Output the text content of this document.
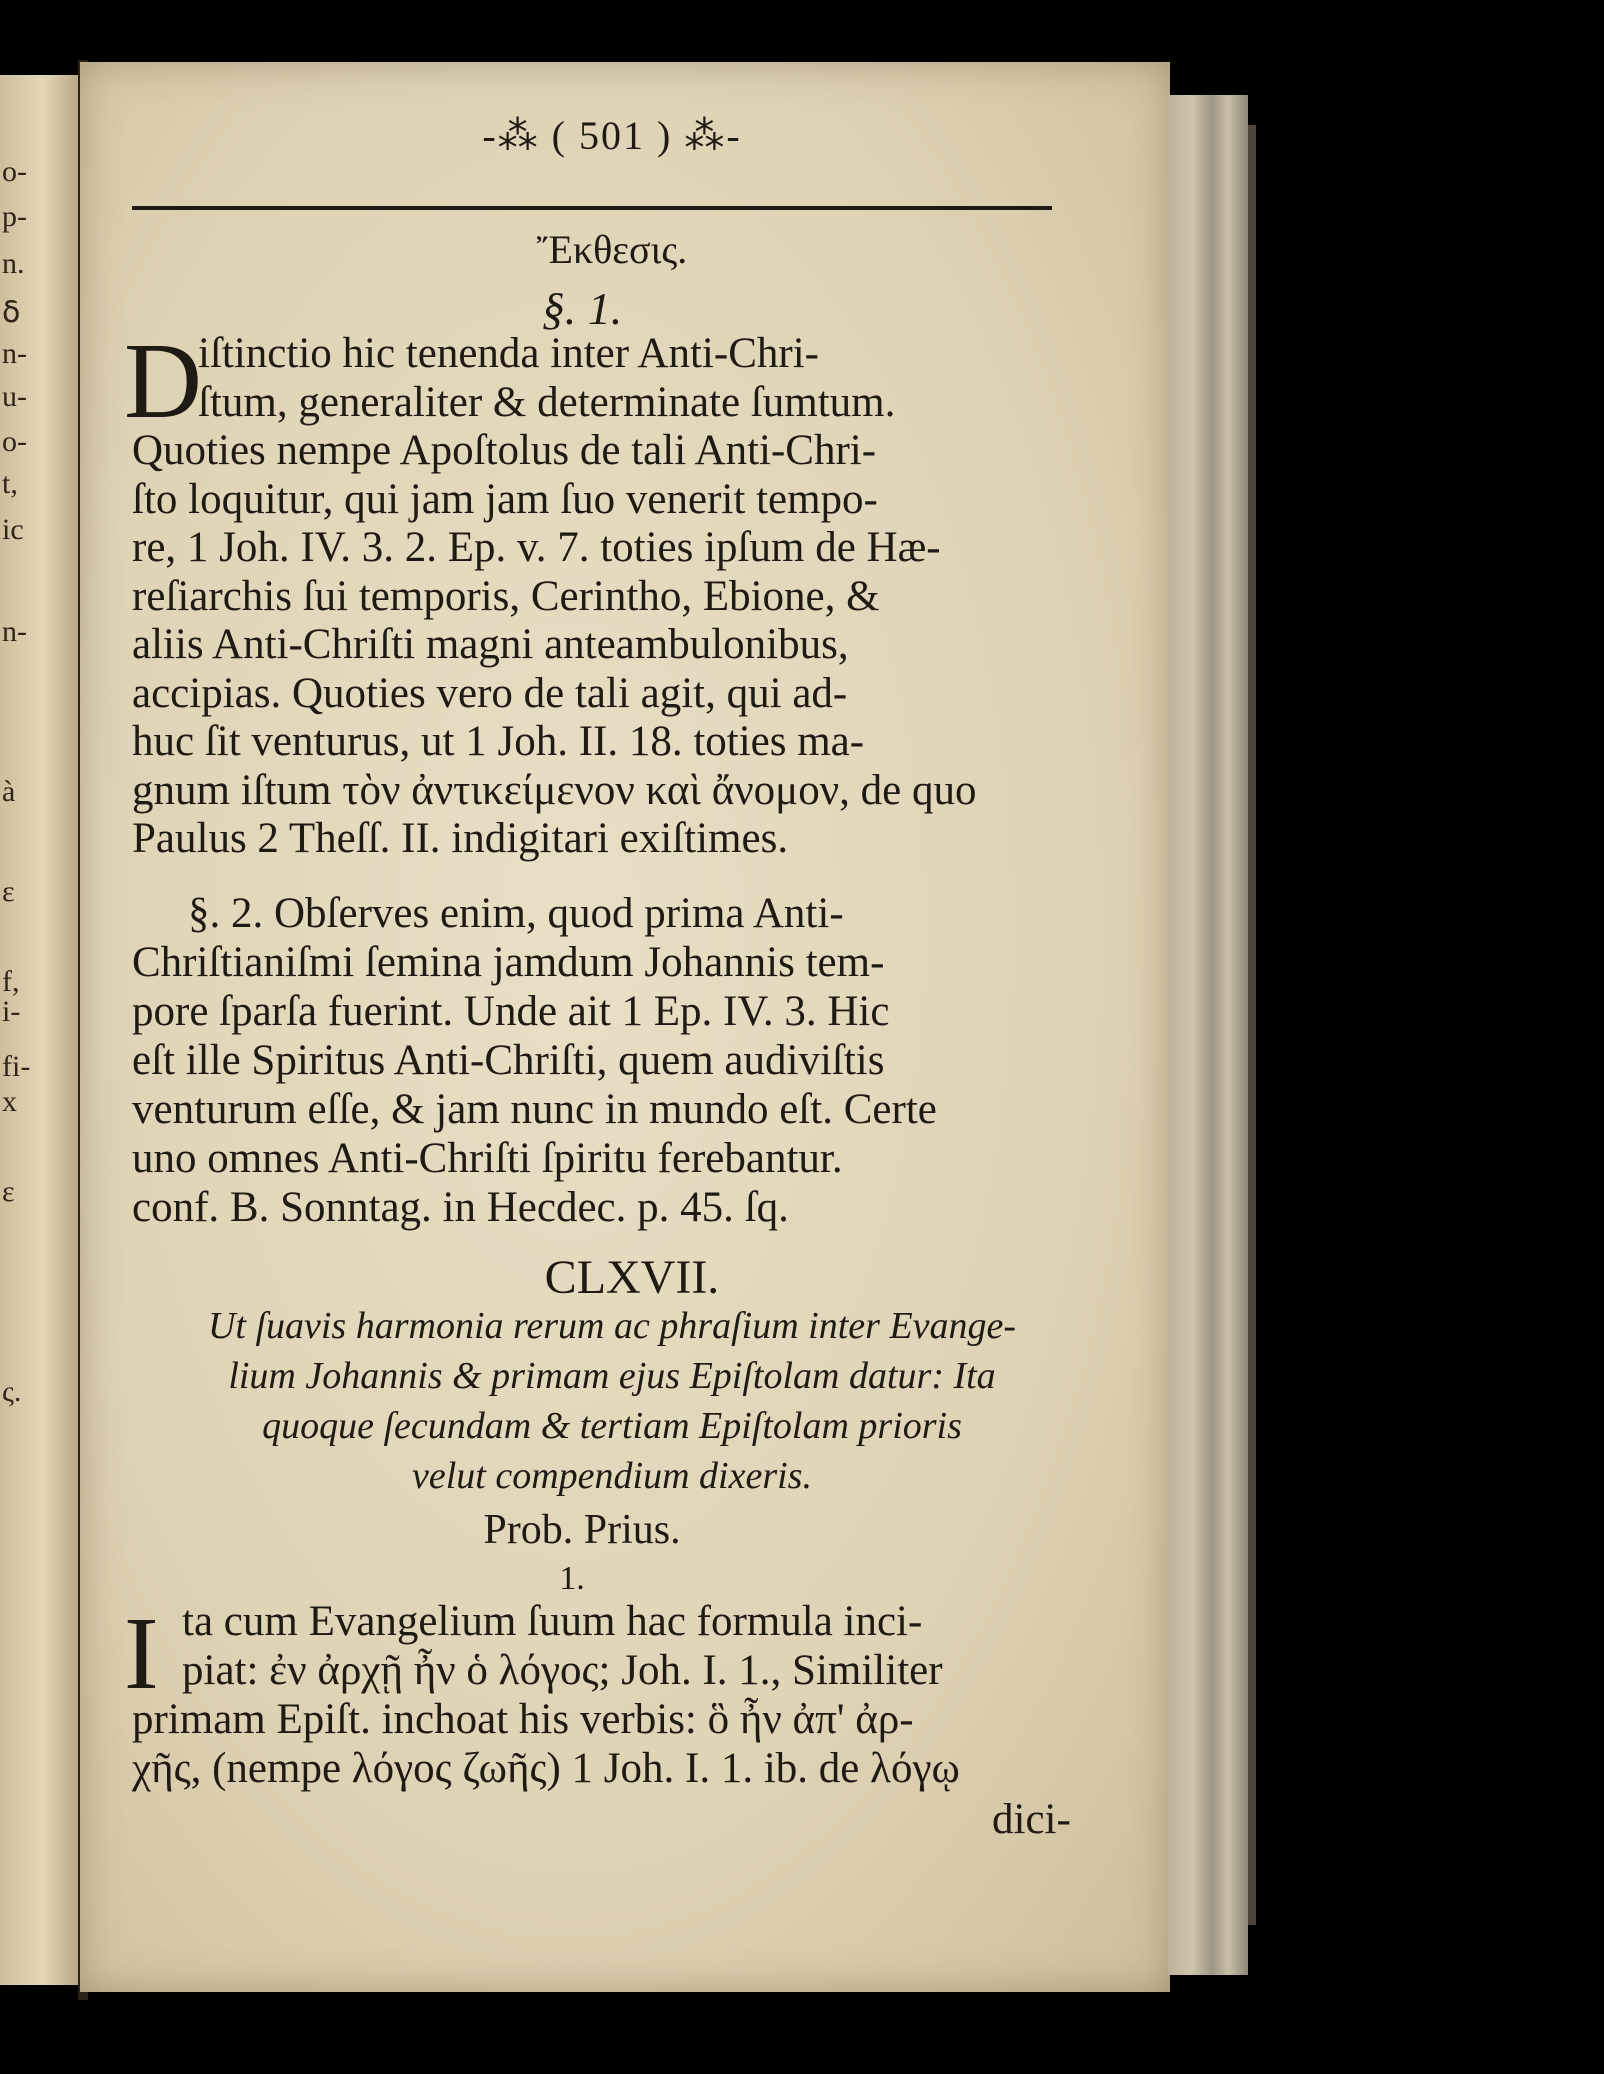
o-
p-
n.
ẟ
n-
u-
o-
t,
ic
n-
à
ε
f,
i-
fi-
x
ε
ς.
-⁂ ( 501 ) ⁂-
Ἔκθεσις.
§. 1.
D
iſtinctio hic tenenda inter Anti-Chri-
ſtum, generaliter & determinate ſumtum.
Quoties nempe Apoſtolus de tali Anti-Chri-
ſto loquitur, qui jam jam ſuo venerit tempo-
re, 1 Joh. IV. 3. 2. Ep. v. 7. toties ipſum de Hæ-
reſiarchis ſui temporis, Cerintho, Ebione, &
aliis Anti-Chriſti magni anteambulonibus,
accipias. Quoties vero de tali agit, qui ad-
huc ſit venturus, ut 1 Joh. II. 18. toties ma-
gnum iſtum τὸν ἀντικείμενον καὶ ἄνομον, de quo
Paulus 2 Theſſ. II. indigitari exiſtimes.
§. 2. Obſerves enim, quod prima Anti-
Chriſtianiſmi ſemina jamdum Johannis tem-
pore ſparſa fuerint. Unde ait 1 Ep. IV. 3. Hic
eſt ille Spiritus Anti-Chriſti, quem audiviſtis
venturum eſſe, & jam nunc in mundo eſt. Certe
uno omnes Anti-Chriſti ſpiritu ferebantur.
conf. B. Sonntag. in Hecdec. p. 45. ſq.
CLXVII.
Ut ſuavis harmonia rerum ac phraſium inter Evange-
lium Johannis & primam ejus Epiſtolam datur: Ita
quoque ſecundam & tertiam Epiſtolam prioris
velut compendium dixeris.
Prob. Prius.
1.
I ta cum Evangelium ſuum hac formula inci-
piat: ἐν ἀρχῇ ἦν ὁ λόγος; Joh. I. 1., Similiter
primam Epiſt. inchoat his verbis: ὃ ἦν ἀπ' ἀρ-
χῆς, (nempe λόγος ζωῆς) 1 Joh. I. 1. ib. de λόγῳ
dici-
